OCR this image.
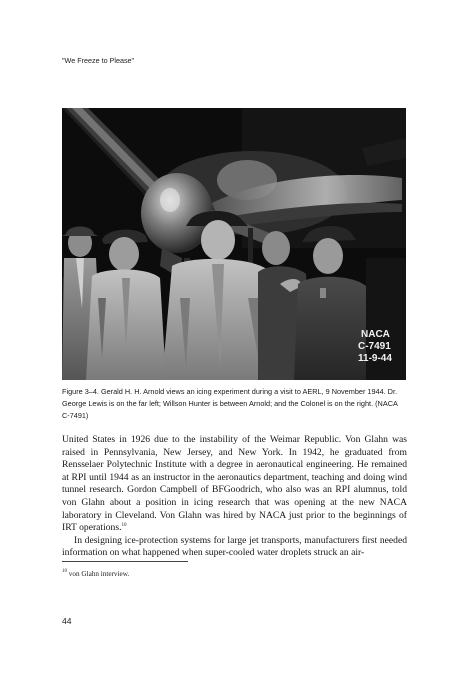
"We Freeze to Please"
NACA
C-7491
11-9-44
Figure 3–4. Gerald H. H. Arnold views an icing experiment during a visit to AERL, 9 November 1944. Dr. George Lewis is on the far left; Willson Hunter is between Arnold; and the Colonel is on the right. (NACA C-7491)

United States in 1926 due to the instability of the Weimar Republic. Von Glahn was raised in Pennsylvania, New Jersey, and New York. In 1942, he graduated from Rensselaer Polytechnic Institute with a degree in aeronautical engineering. He remained at RPI until 1944 as an instructor in the aeronautics department, teaching and doing wind tunnel research. Gordon Campbell of BFGoodrich, who also was an RPI alumnus, told von Glahn about a position in icing research that was opening at the new NACA laboratory in Cleveland. Von Glahn was hired by NACA just prior to the beginnings of IRT operations.$^{10}$

In designing ice-protection systems for large jet transports, manufacturers first needed information on what happened when super-cooled water droplets struck an air-

$^{10}$ von Glahn interview.
44
